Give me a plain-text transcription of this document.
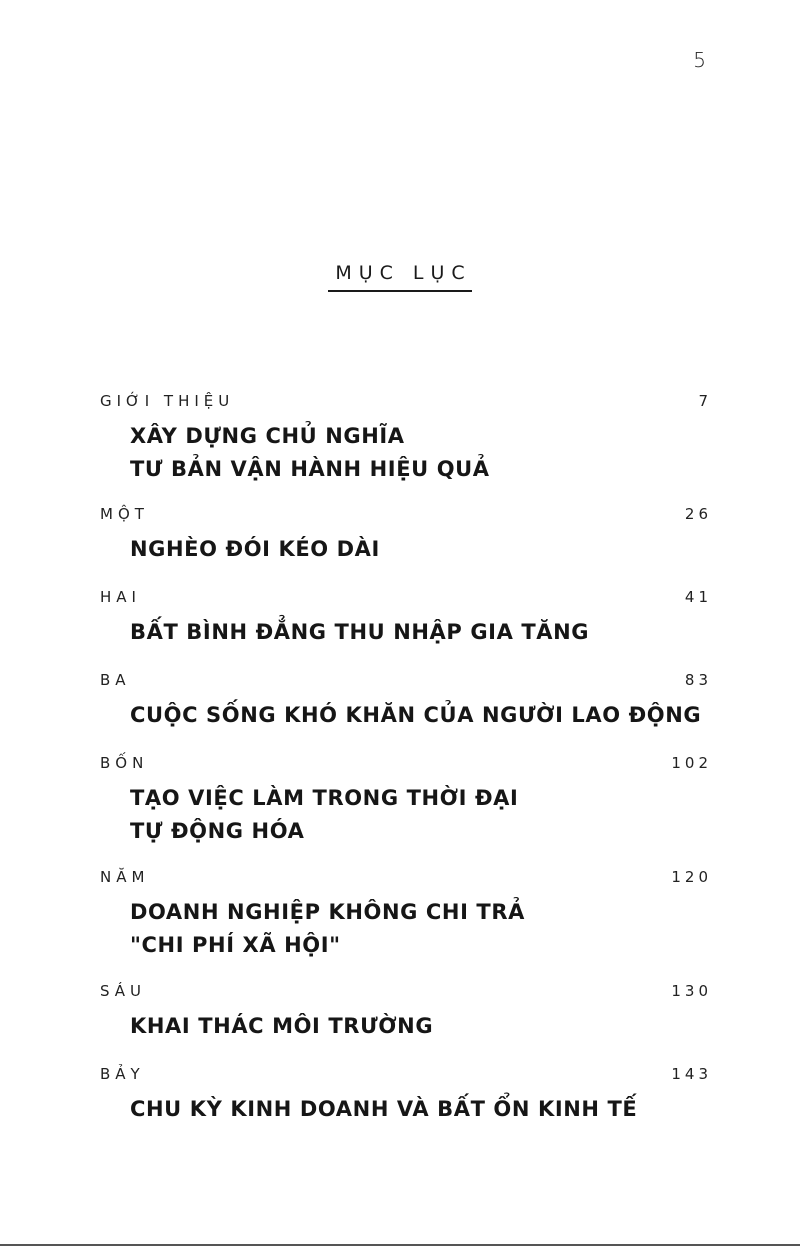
5
MỤC LỤC
GIỚI THIỆU	7
XÂY DỰNG CHỦ NGHĨA
TƯ BẢN VẬN HÀNH HIỆU QUẢ
MỘT	26
NGHÈO ĐÓI KÉO DÀI
HAI	41
BẤT BÌNH ĐẲNG THU NHẬP GIA TĂNG
BA	83
CUỘC SỐNG KHÓ KHĂN CỦA NGƯỜI LAO ĐỘNG
BỐN	102
TẠO VIỆC LÀM TRONG THỜI ĐẠI
TỰ ĐỘNG HÓA
NĂM	120
DOANH NGHIỆP KHÔNG CHI TRẢ
"CHI PHÍ XÃ HỘI"
SÁU	130
KHAI THÁC MÔI TRƯỜNG
BẢY	143
CHU KỲ KINH DOANH VÀ BẤT ỔN KINH TẾ
